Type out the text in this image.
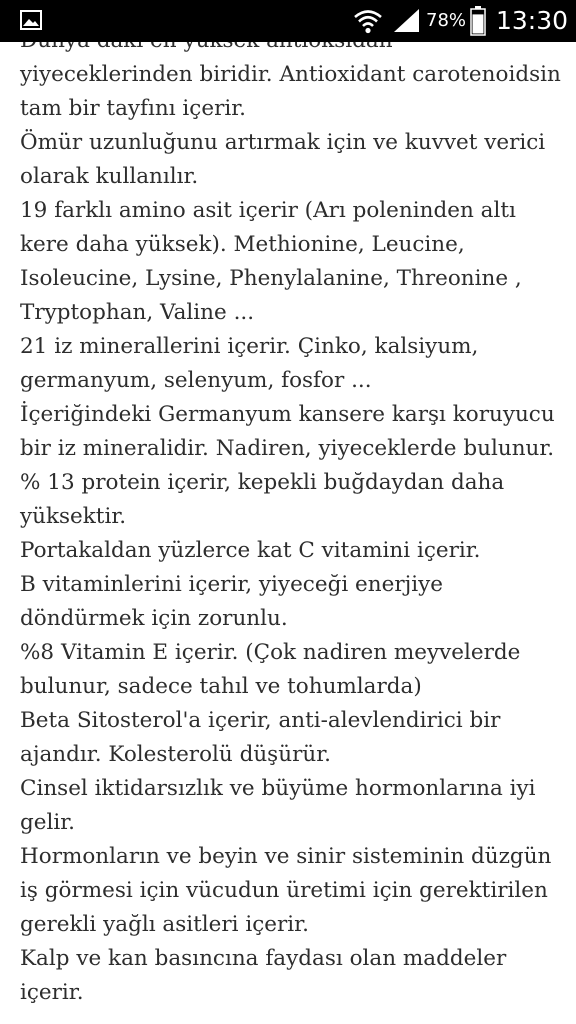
78% 13:30

yiyeceklerinden biridir. Antioxidant carotenoidsin tam bir tayfını içerir.

Ömür uzunluğunu artırmak için ve kuvvet verici olarak kullanılır.

19 farklı amino asit içerir (Arı poleninden altı kere daha yüksek). Methionine, Leucine, Isoleucine, Lysine, Phenylalanine, Threonine , Tryptophan, Valine ...

21 iz minerallerini içerir. Çinko, kalsiyum, germanyum, selenyum, fosfor ...

İçeriğindeki Germanyum kansere karşı koruyucu bir iz mineralidir. Nadiren, yiyeceklerde bulunur.

% 13 protein içerir, kepekli buğdaydan daha yüksektir.

Portakaldan yüzlerce kat C vitamini içerir.

B vitaminlerini içerir, yiyeceği enerjiye döndürmek için zorunlu.

%8 Vitamin E içerir. (Çok nadiren meyvelerde bulunur, sadece tahıl ve tohumlarda)

Beta Sitosterol'a içerir, anti-alevlendirici bir ajandır. Kolesterolü düşürür.

Cinsel iktidarsızlık ve büyüme hormonlarına iyi gelir.

Hormonların ve beyin ve sinir sisteminin düzgün iş görmesi için vücudun üretimi için gerektirilen gerekli yağlı asitleri içerir.

Kalp ve kan basıncına faydası olan maddeler içerir.
